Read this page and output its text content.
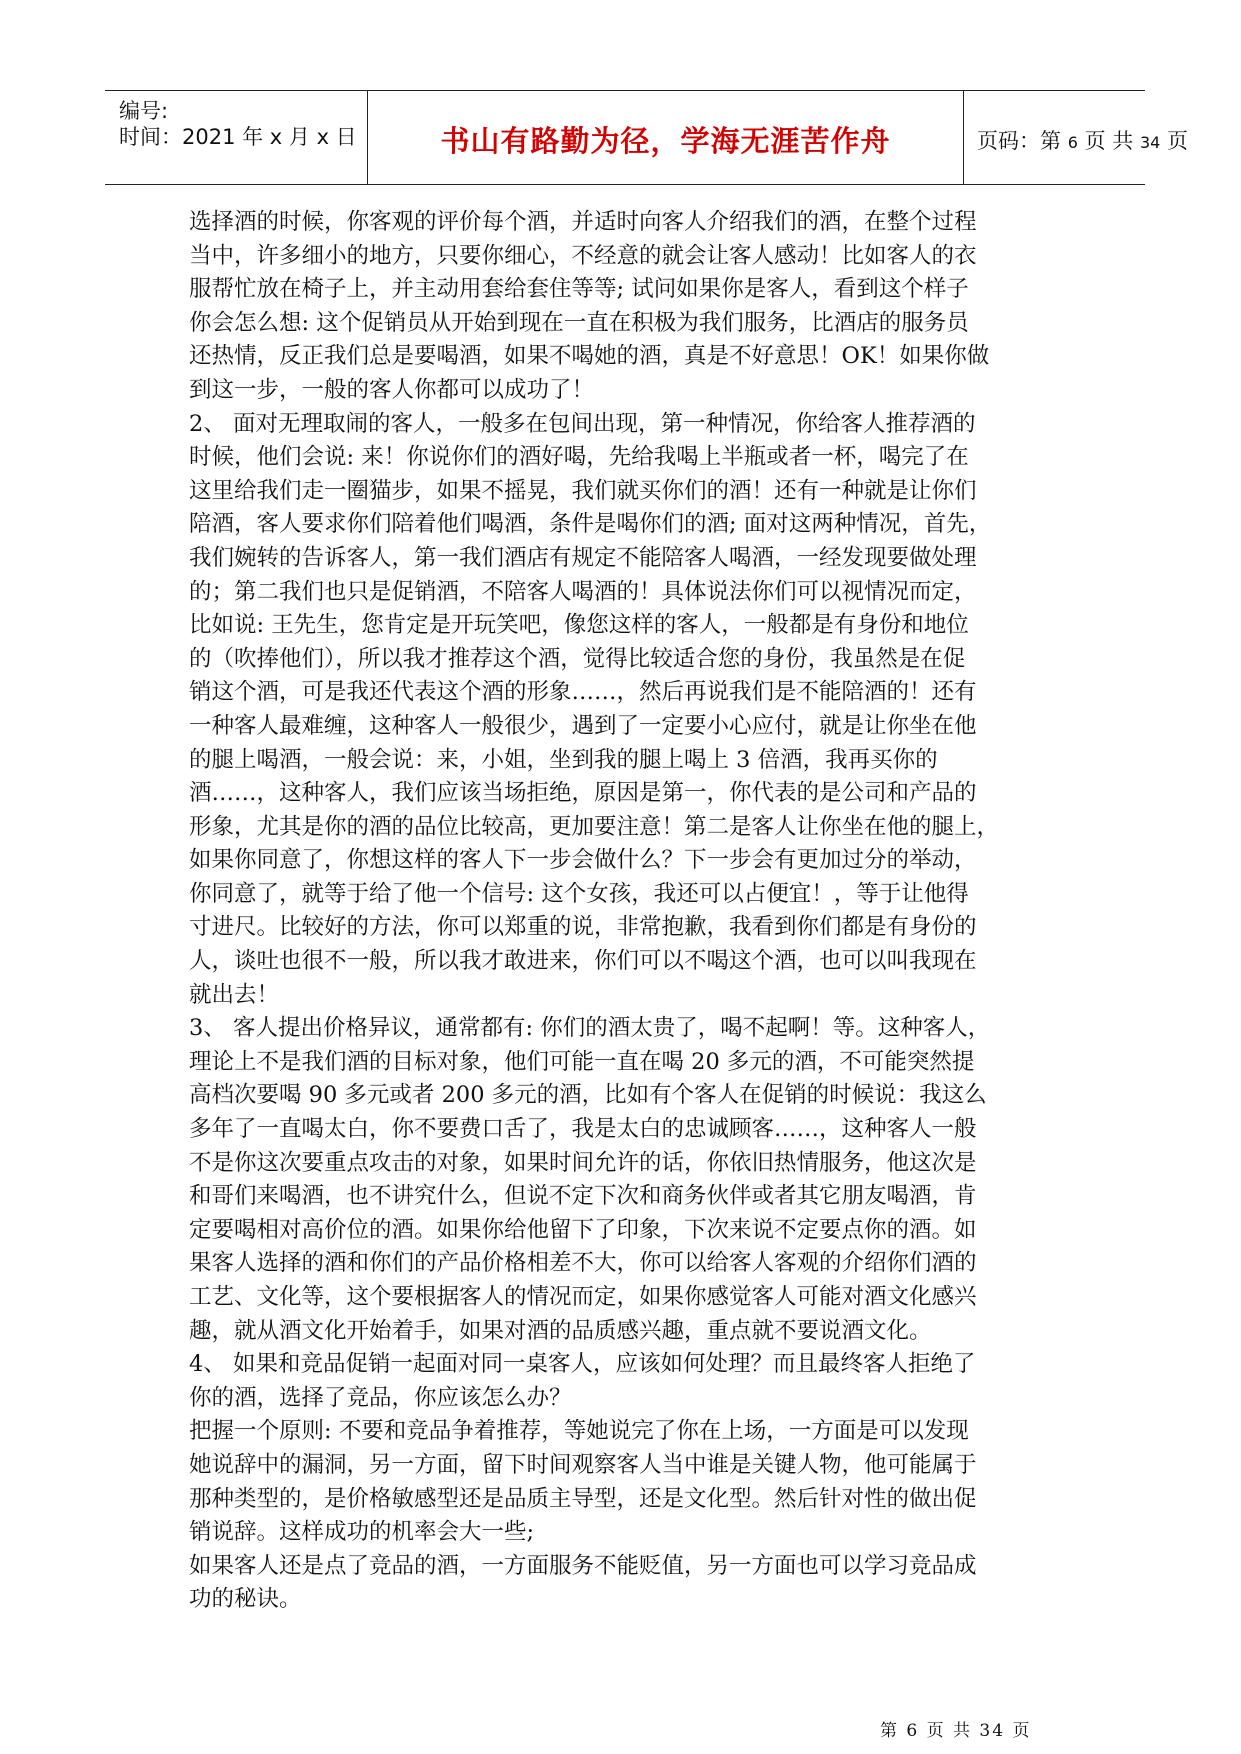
编号:
时间：2021 年 x 月 x 日	书山有路勤为径，学海无涯苦作舟	页码：第 6 页 共 34 页
选择酒的时候，你客观的评价每个酒，并适时向客人介绍我们的酒，在整个过程
当中，许多细小的地方，只要你细心，不经意的就会让客人感动！比如客人的衣
服帮忙放在椅子上，并主动用套给套住等等; 试问如果你是客人，看到这个样子
你会怎么想: 这个促销员从开始到现在一直在积极为我们服务，比酒店的服务员
还热情，反正我们总是要喝酒，如果不喝她的酒，真是不好意思！OK！如果你做
到这一步，一般的客人你都可以成功了！
2、 面对无理取闹的客人，一般多在包间出现，第一种情况，你给客人推荐酒的
时候，他们会说: 来！你说你们的酒好喝，先给我喝上半瓶或者一杯，喝完了在
这里给我们走一圈猫步，如果不摇晃，我们就买你们的酒！还有一种就是让你们
陪酒，客人要求你们陪着他们喝酒，条件是喝你们的酒; 面对这两种情况，首先，
我们婉转的告诉客人，第一我们酒店有规定不能陪客人喝酒，一经发现要做处理
的；第二我们也只是促销酒，不陪客人喝酒的！具体说法你们可以视情况而定，
比如说: 王先生，您肯定是开玩笑吧，像您这样的客人，一般都是有身份和地位
的（吹捧他们），所以我才推荐这个酒，觉得比较适合您的身份，我虽然是在促
销这个酒，可是我还代表这个酒的形象……，然后再说我们是不能陪酒的！还有
一种客人最难缠，这种客人一般很少，遇到了一定要小心应付，就是让你坐在他
的腿上喝酒，一般会说：来，小姐，坐到我的腿上喝上 3 倍酒，我再买你的
酒……，这种客人，我们应该当场拒绝，原因是第一，你代表的是公司和产品的
形象，尤其是你的酒的品位比较高，更加要注意！第二是客人让你坐在他的腿上，
如果你同意了，你想这样的客人下一步会做什么？下一步会有更加过分的举动，
你同意了，就等于给了他一个信号: 这个女孩，我还可以占便宜！，等于让他得
寸进尺。比较好的方法，你可以郑重的说，非常抱歉，我看到你们都是有身份的
人，谈吐也很不一般，所以我才敢进来，你们可以不喝这个酒，也可以叫我现在
就出去！
3、 客人提出价格异议，通常都有: 你们的酒太贵了，喝不起啊！等。这种客人，
理论上不是我们酒的目标对象，他们可能一直在喝 20 多元的酒，不可能突然提
高档次要喝 90 多元或者 200 多元的酒，比如有个客人在促销的时候说：我这么
多年了一直喝太白，你不要费口舌了，我是太白的忠诚顾客……，这种客人一般
不是你这次要重点攻击的对象，如果时间允许的话，你依旧热情服务，他这次是
和哥们来喝酒，也不讲究什么，但说不定下次和商务伙伴或者其它朋友喝酒，肯
定要喝相对高价位的酒。如果你给他留下了印象，下次来说不定要点你的酒。如
果客人选择的酒和你们的产品价格相差不大，你可以给客人客观的介绍你们酒的
工艺、文化等，这个要根据客人的情况而定，如果你感觉客人可能对酒文化感兴
趣，就从酒文化开始着手，如果对酒的品质感兴趣，重点就不要说酒文化。
4、 如果和竞品促销一起面对同一桌客人，应该如何处理？而且最终客人拒绝了
你的酒，选择了竞品，你应该怎么办？
把握一个原则: 不要和竞品争着推荐，等她说完了你在上场，一方面是可以发现
她说辞中的漏洞，另一方面，留下时间观察客人当中谁是关键人物，他可能属于
那种类型的，是价格敏感型还是品质主导型，还是文化型。然后针对性的做出促
销说辞。这样成功的机率会大一些;
如果客人还是点了竞品的酒，一方面服务不能贬值，另一方面也可以学习竞品成
功的秘诀。
第 6 页 共 34 页
